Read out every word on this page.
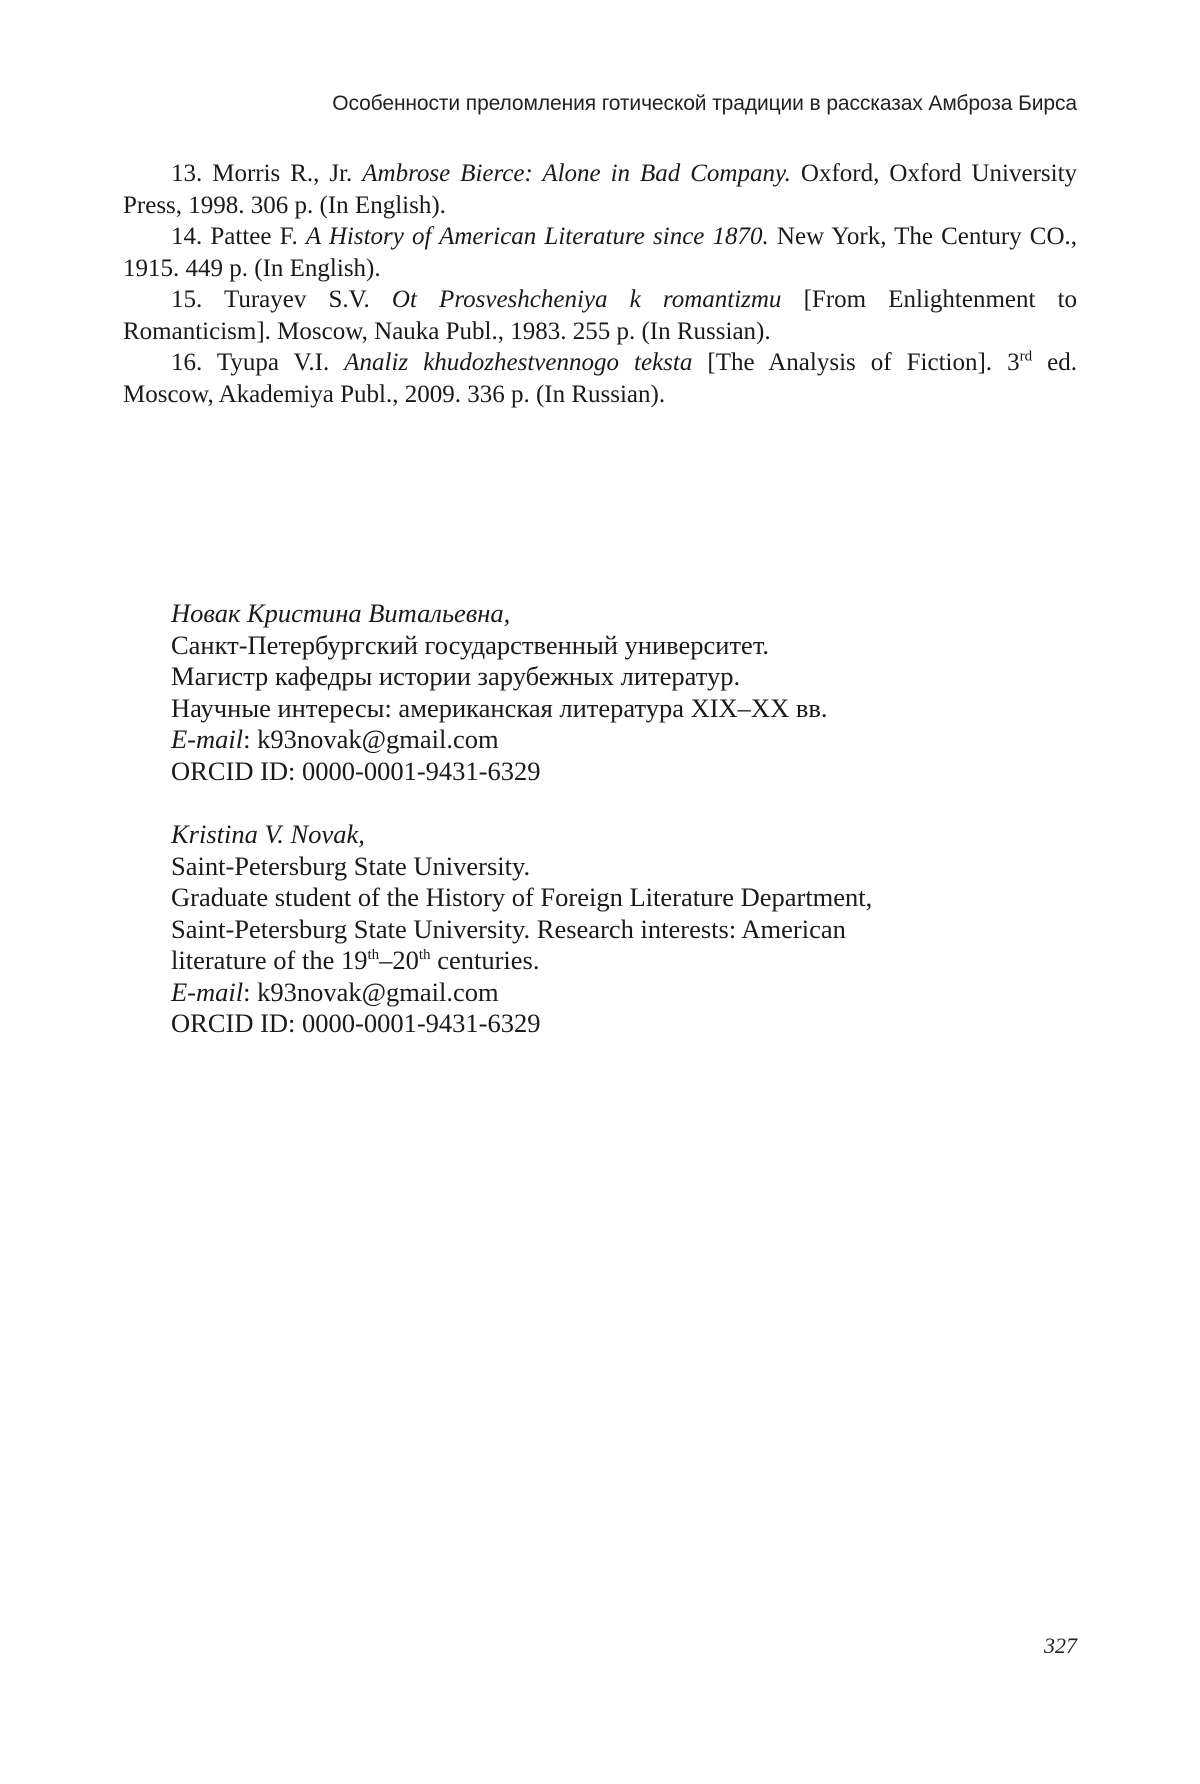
Особенности преломления готической традиции в рассказах Амброза Бирса

13. Morris R., Jr. Ambrose Bierce: Alone in Bad Company. Oxford, Oxford University Press, 1998. 306 p. (In English).

14. Pattee F. A History of American Literature since 1870. New York, The Century CO., 1915. 449 p. (In English).

15. Turayev S.V. Ot Prosveshcheniya k romantizmu [From Enlightenment to Romanticism]. Moscow, Nauka Publ., 1983. 255 p. (In Russian).

16. Tyupa V.I. Analiz khudozhestvennogo teksta [The Analysis of Fiction]. 3rd ed. Moscow, Akademiya Publ., 2009. 336 p. (In Russian).

Новак Кристина Витальевна,
Санкт-Петербургский государственный университет.
Магистр кафедры истории зарубежных литератур.
Научные интересы: американская литература XIX–XX вв.
E-mail: k93novak@gmail.com
ORCID ID: 0000-0001-9431-6329
Kristina V. Novak,
Saint-Petersburg State University.
Graduate student of the History of Foreign Literature Department,
Saint-Petersburg State University. Research interests: American
literature of the 19th–20th centuries.
E-mail: k93novak@gmail.com
ORCID ID: 0000-0001-9431-6329
327
